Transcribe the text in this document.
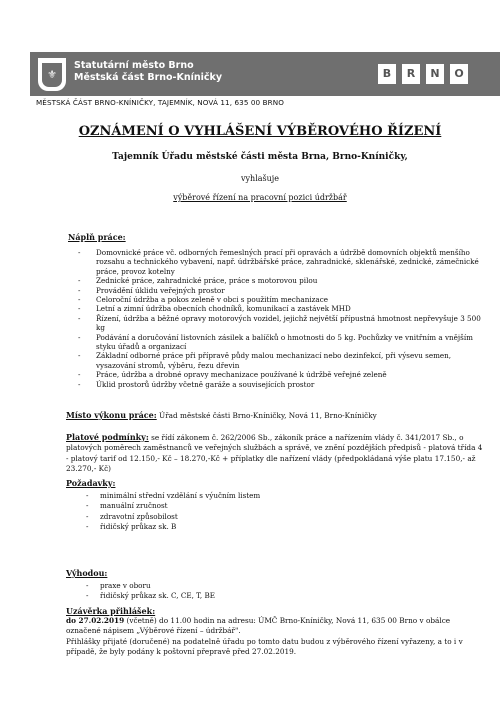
⚜
Statutární město Brno
Městská část Brno-Kníničky	B	R	N	O
MĚSTSKÁ ČÁST BRNO-KNÍNIČKY, TAJEMNÍK, NOVÁ 11, 635 00 BRNO
OZNÁMENÍ O VYHLÁŠENÍ VÝBĚROVÉHO ŘÍZENÍ
Tajemník Úřadu městské části města Brna, Brno-Kníničky,
vyhlašuje
výběrové řízení na pracovní pozici údržbář
Náplň práce:
- Domovnické práce vč. odborných řemeslných prací při opravách a údržbě domovních objektů menšího rozsahu a technického vybavení, např. údržbářské práce, zahradnické, sklenářské, zednické, zámečnické práce, provoz kotelny
- Zednické práce, zahradnické práce, práce s motorovou pilou
- Provádění úklidu veřejných prostor
- Celoroční údržba a pokos zeleně v obci s použitím mechanizace
- Letní a zimní údržba obecních chodníků, komunikací a zastávek MHD
- Řízení, údržba a běžné opravy motorových vozidel, jejichž největší přípustná hmotnost nepřevyšuje 3 500 kg
- Podávání a doručování listovních zásilek a balíčků o hmotnosti do 5 kg. Pochůzky ve vnitřním a vnějším styku úřadů a organizací
- Základní odborné práce při přípravě půdy malou mechanizací nebo dezinfekcí, při výsevu semen, vysazování stromů, výběru, řezu dřevin
- Práce, údržba a drobné opravy mechanizace používané k údržbě veřejné zeleně
- Úklid prostorů údržby včetně garáže a souvisejících prostor
Místo výkonu práce: Úřad městské části Brno-Kníničky, Nová 11, Brno-Kníničky
Platové podmínky: se řídí zákonem č. 262/2006 Sb., zákoník práce a nařízením vlády č. 341/2017 Sb., o platových poměrech zaměstnanců ve veřejných službách a správě, ve znění pozdějších předpisů - platová třída 4 - platový tarif od 12.150,- Kč – 18.270,-Kč + příplatky dle nařízení vlády (předpokládaná výše platu 17.150,- až 23.270,- Kč)
Požadavky:
- minimální střední vzdělání s výučním listem
- manuální zručnost
- zdravotní způsobilost
- řidičský průkaz sk. B
Výhodou:
- praxe v oboru
- řidičský průkaz sk. C, CE, T, BE
Uzávěrka přihlášek:
do 27.02.2019 (včetně) do 11.00 hodin na adresu: ÚMČ Brno-Kníničky, Nová 11, 635 00 Brno v obálce
označené nápisem „Výběrové řízení – údržbář".
Přihlášky přijaté (doručené) na podatelně úřadu po tomto datu budou z výběrového řízení vyřazeny, a to i v případě, že byly podány k poštovní přepravě před 27.02.2019.
